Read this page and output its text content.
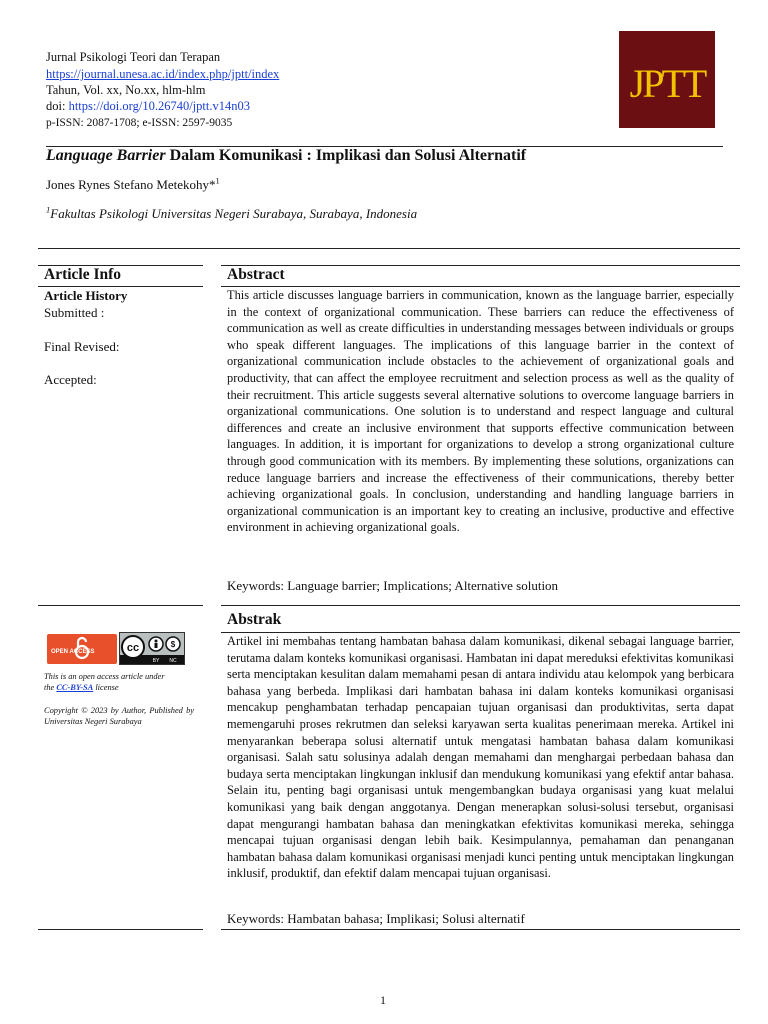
Jurnal Psikologi Teori dan Terapan
https://journal.unesa.ac.id/index.php/jptt/index
Tahun, Vol. xx, No.xx, hlm-hlm
doi: https://doi.org/10.26740/jptt.v14n03
p-ISSN: 2087-1708; e-ISSN: 2597-9035
JPTT
Language Barrier Dalam Komunikasi : Implikasi dan Solusi Alternatif
Jones Rynes Stefano Metekohy*$^1$
$^1$Fakultas Psikologi Universitas Negeri Surabaya, Surabaya, Indonesia
Article Info
Article History
Submitted :
Final Revised:
Accepted:
Abstract
This article discusses language barriers in communication, known as the language barrier, especially in the context of organizational communication. These barriers can reduce the effectiveness of communication as well as create difficulties in understanding messages between individuals or groups who speak different languages. The implications of this language barrier in the context of organizational communication include obstacles to the achievement of organizational goals and productivity, that can affect the employee recruitment and selection process as well as the quality of their recruitment. This article suggests several alternative solutions to overcome language barriers in organizational communications. One solution is to understand and respect language and cultural differences and create an inclusive environment that supports effective communication between languages. In addition, it is important for organizations to develop a strong organizational culture through good communication with its members. By implementing these solutions, organizations can reduce language barriers and increase the effectiveness of their communications, thereby better achieving organizational goals. In conclusion, understanding and handling language barriers in organizational communication is an important key to creating an inclusive, productive and effective environment in achieving organizational goals.
Keywords: Language barrier; Implications; Alternative solution
OPEN ACCESS	cc	$
BY NC
This is an open access article under
the CC-BY-SA license
Copyright © 2023 by Author, Published by Universitas Negeri Surabaya
Abstrak
Artikel ini membahas tentang hambatan bahasa dalam komunikasi, dikenal sebagai language barrier, terutama dalam konteks komunikasi organisasi. Hambatan ini dapat mereduksi efektivitas komunikasi serta menciptakan kesulitan dalam memahami pesan di antara individu atau kelompok yang berbicara bahasa yang berbeda. Implikasi dari hambatan bahasa ini dalam konteks komunikasi organisasi mencakup penghambatan terhadap pencapaian tujuan organisasi dan produktivitas, serta dapat memengaruhi proses rekrutmen dan seleksi karyawan serta kualitas penerimaan mereka. Artikel ini menyarankan beberapa solusi alternatif untuk mengatasi hambatan bahasa dalam komunikasi organisasi. Salah satu solusinya adalah dengan memahami dan menghargai perbedaan bahasa dan budaya serta menciptakan lingkungan inklusif dan mendukung komunikasi yang efektif antar bahasa. Selain itu, penting bagi organisasi untuk mengembangkan budaya organisasi yang kuat melalui komunikasi yang baik dengan anggotanya. Dengan menerapkan solusi-solusi tersebut, organisasi dapat mengurangi hambatan bahasa dan meningkatkan efektivitas komunikasi mereka, sehingga mencapai tujuan organisasi dengan lebih baik. Kesimpulannya, pemahaman dan penanganan hambatan bahasa dalam komunikasi organisasi menjadi kunci penting untuk menciptakan lingkungan inklusif, produktif, dan efektif dalam mencapai tujuan organisasi.
Keywords: Hambatan bahasa; Implikasi; Solusi alternatif
1
